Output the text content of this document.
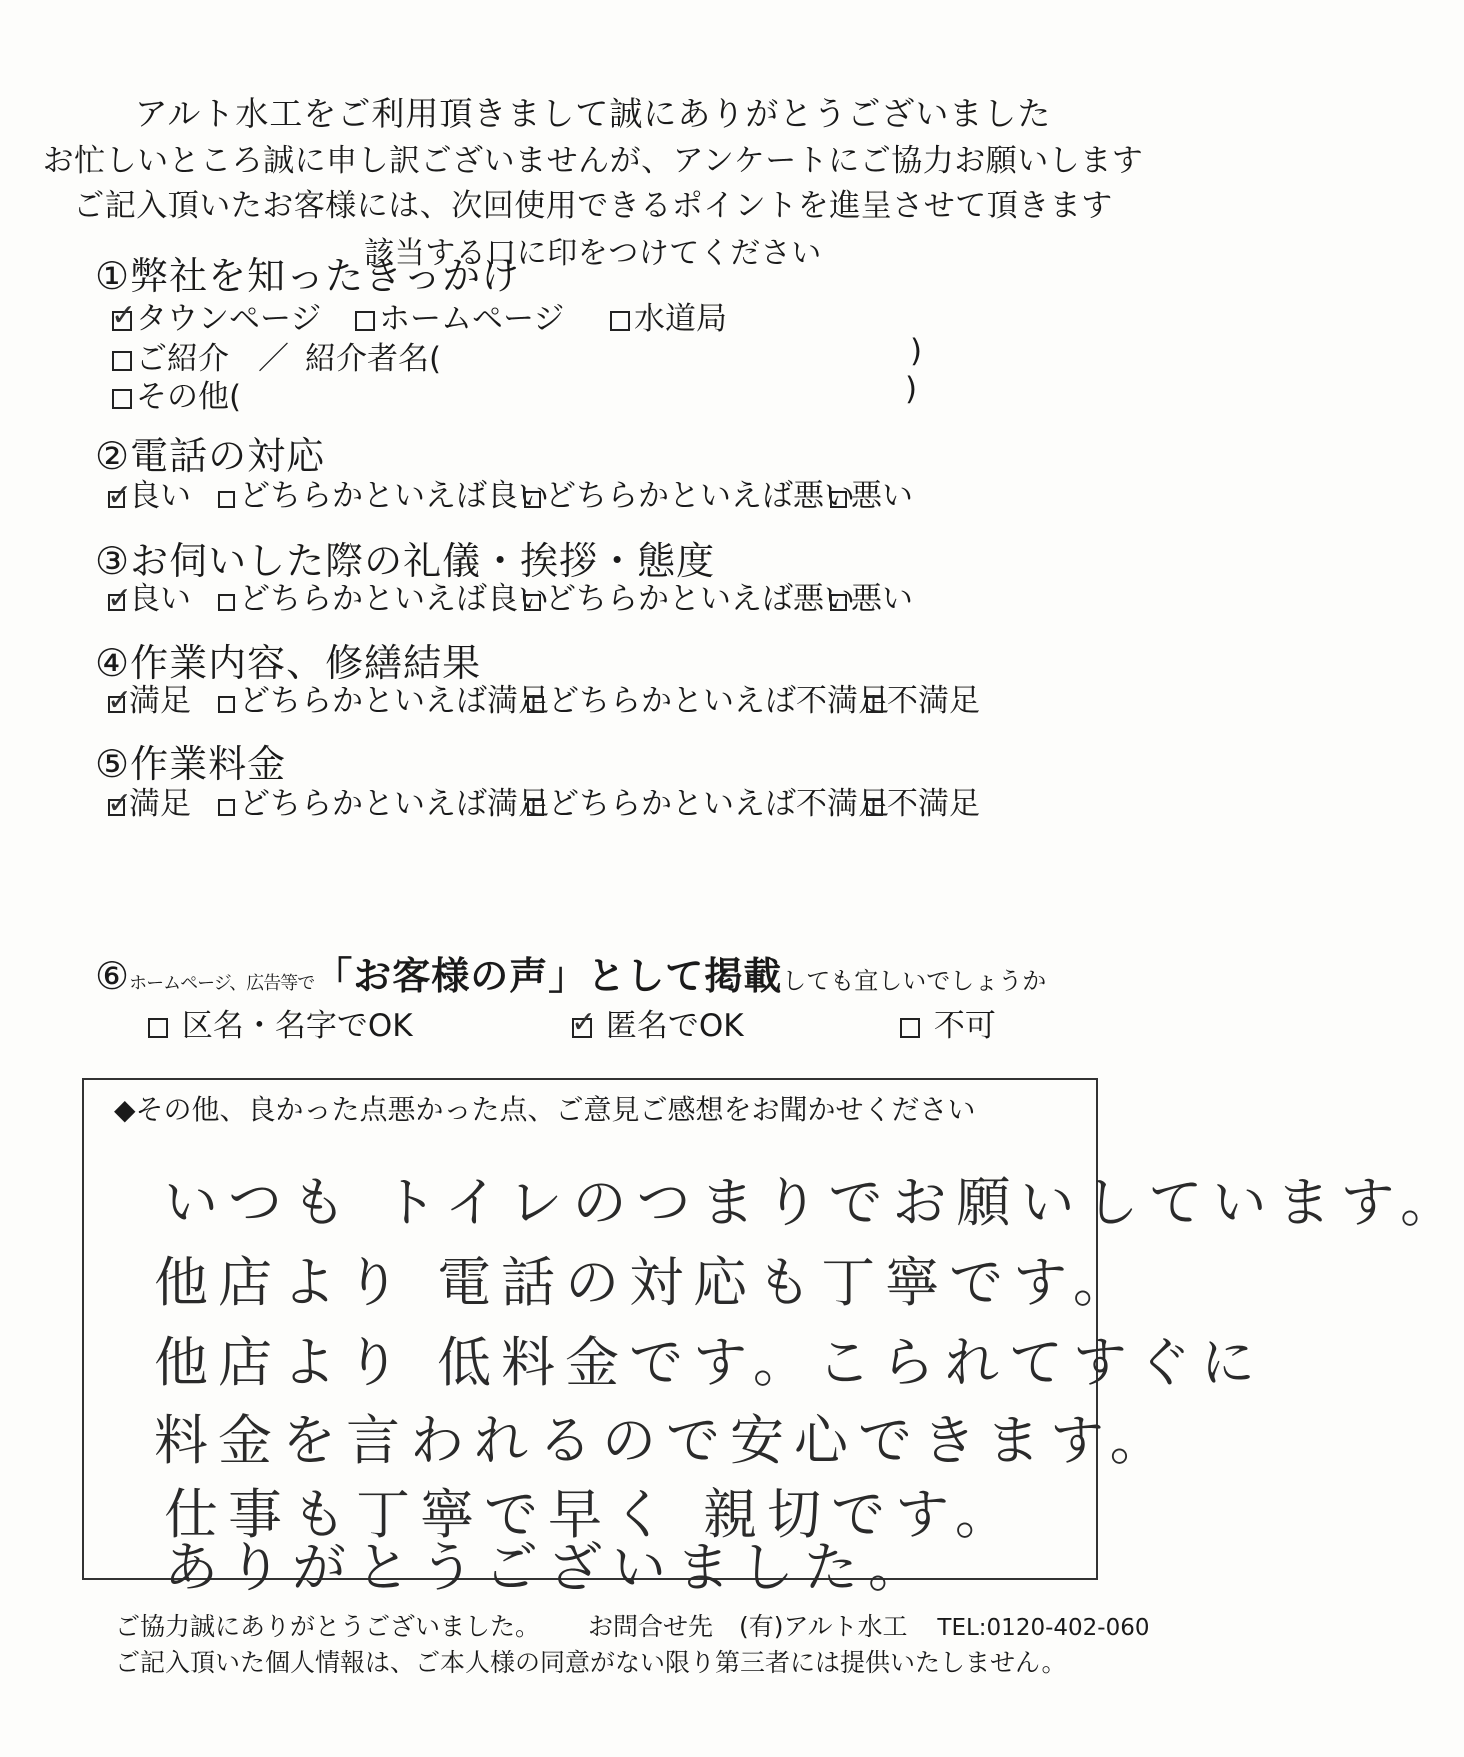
アルト水工をご利用頂きまして誠にありがとうございました
お忙しいところ誠に申し訳ございませんが、アンケートにご協力お願いします
ご記入頂いたお客様には、次回使用できるポイントを進呈させて頂きます
該当する口に印をつけてください
①弊社を知ったきっかけ
✓ タウンページ	ホームページ	水道局
ご紹介 ／ 紹介者名(	)
その他(	)
②電話の対応
✓
良い	どちらかといえば良い
どちらかといえば悪い
悪い
③お伺いした際の礼儀・挨拶・態度
✓
良い	どちらかといえば良い
どちらかといえば悪い
悪い
④作業内容、修繕結果
✓
満足	どちらかといえば満足 どちらかといえば不満足
不満足
⑤作業料金
✓
満足	どちらかといえば満足 どちらかといえば不満足
不満足
⑥ホームページ、広告等で「お客様の声」として掲載しても宜しいでしょうか
区名・名字でOK	✓ 匿名でOK	不可
◆その他、良かった点悪かった点、ご意見ご感想をお聞かせください
いつも トイレのつまりでお願いしています。
他店より 電話の対応も丁寧です。
他店より 低料金です。こられてすぐに
料金を言われるので安心できます。
仕事も丁寧で早く 親切です。
ありがとうございました。
ご協力誠にありがとうございました。 お問合せ先 (有)アルト水工 TEL:0120-402-060
ご記入頂いた個人情報は、ご本人様の同意がない限り第三者には提供いたしません。
